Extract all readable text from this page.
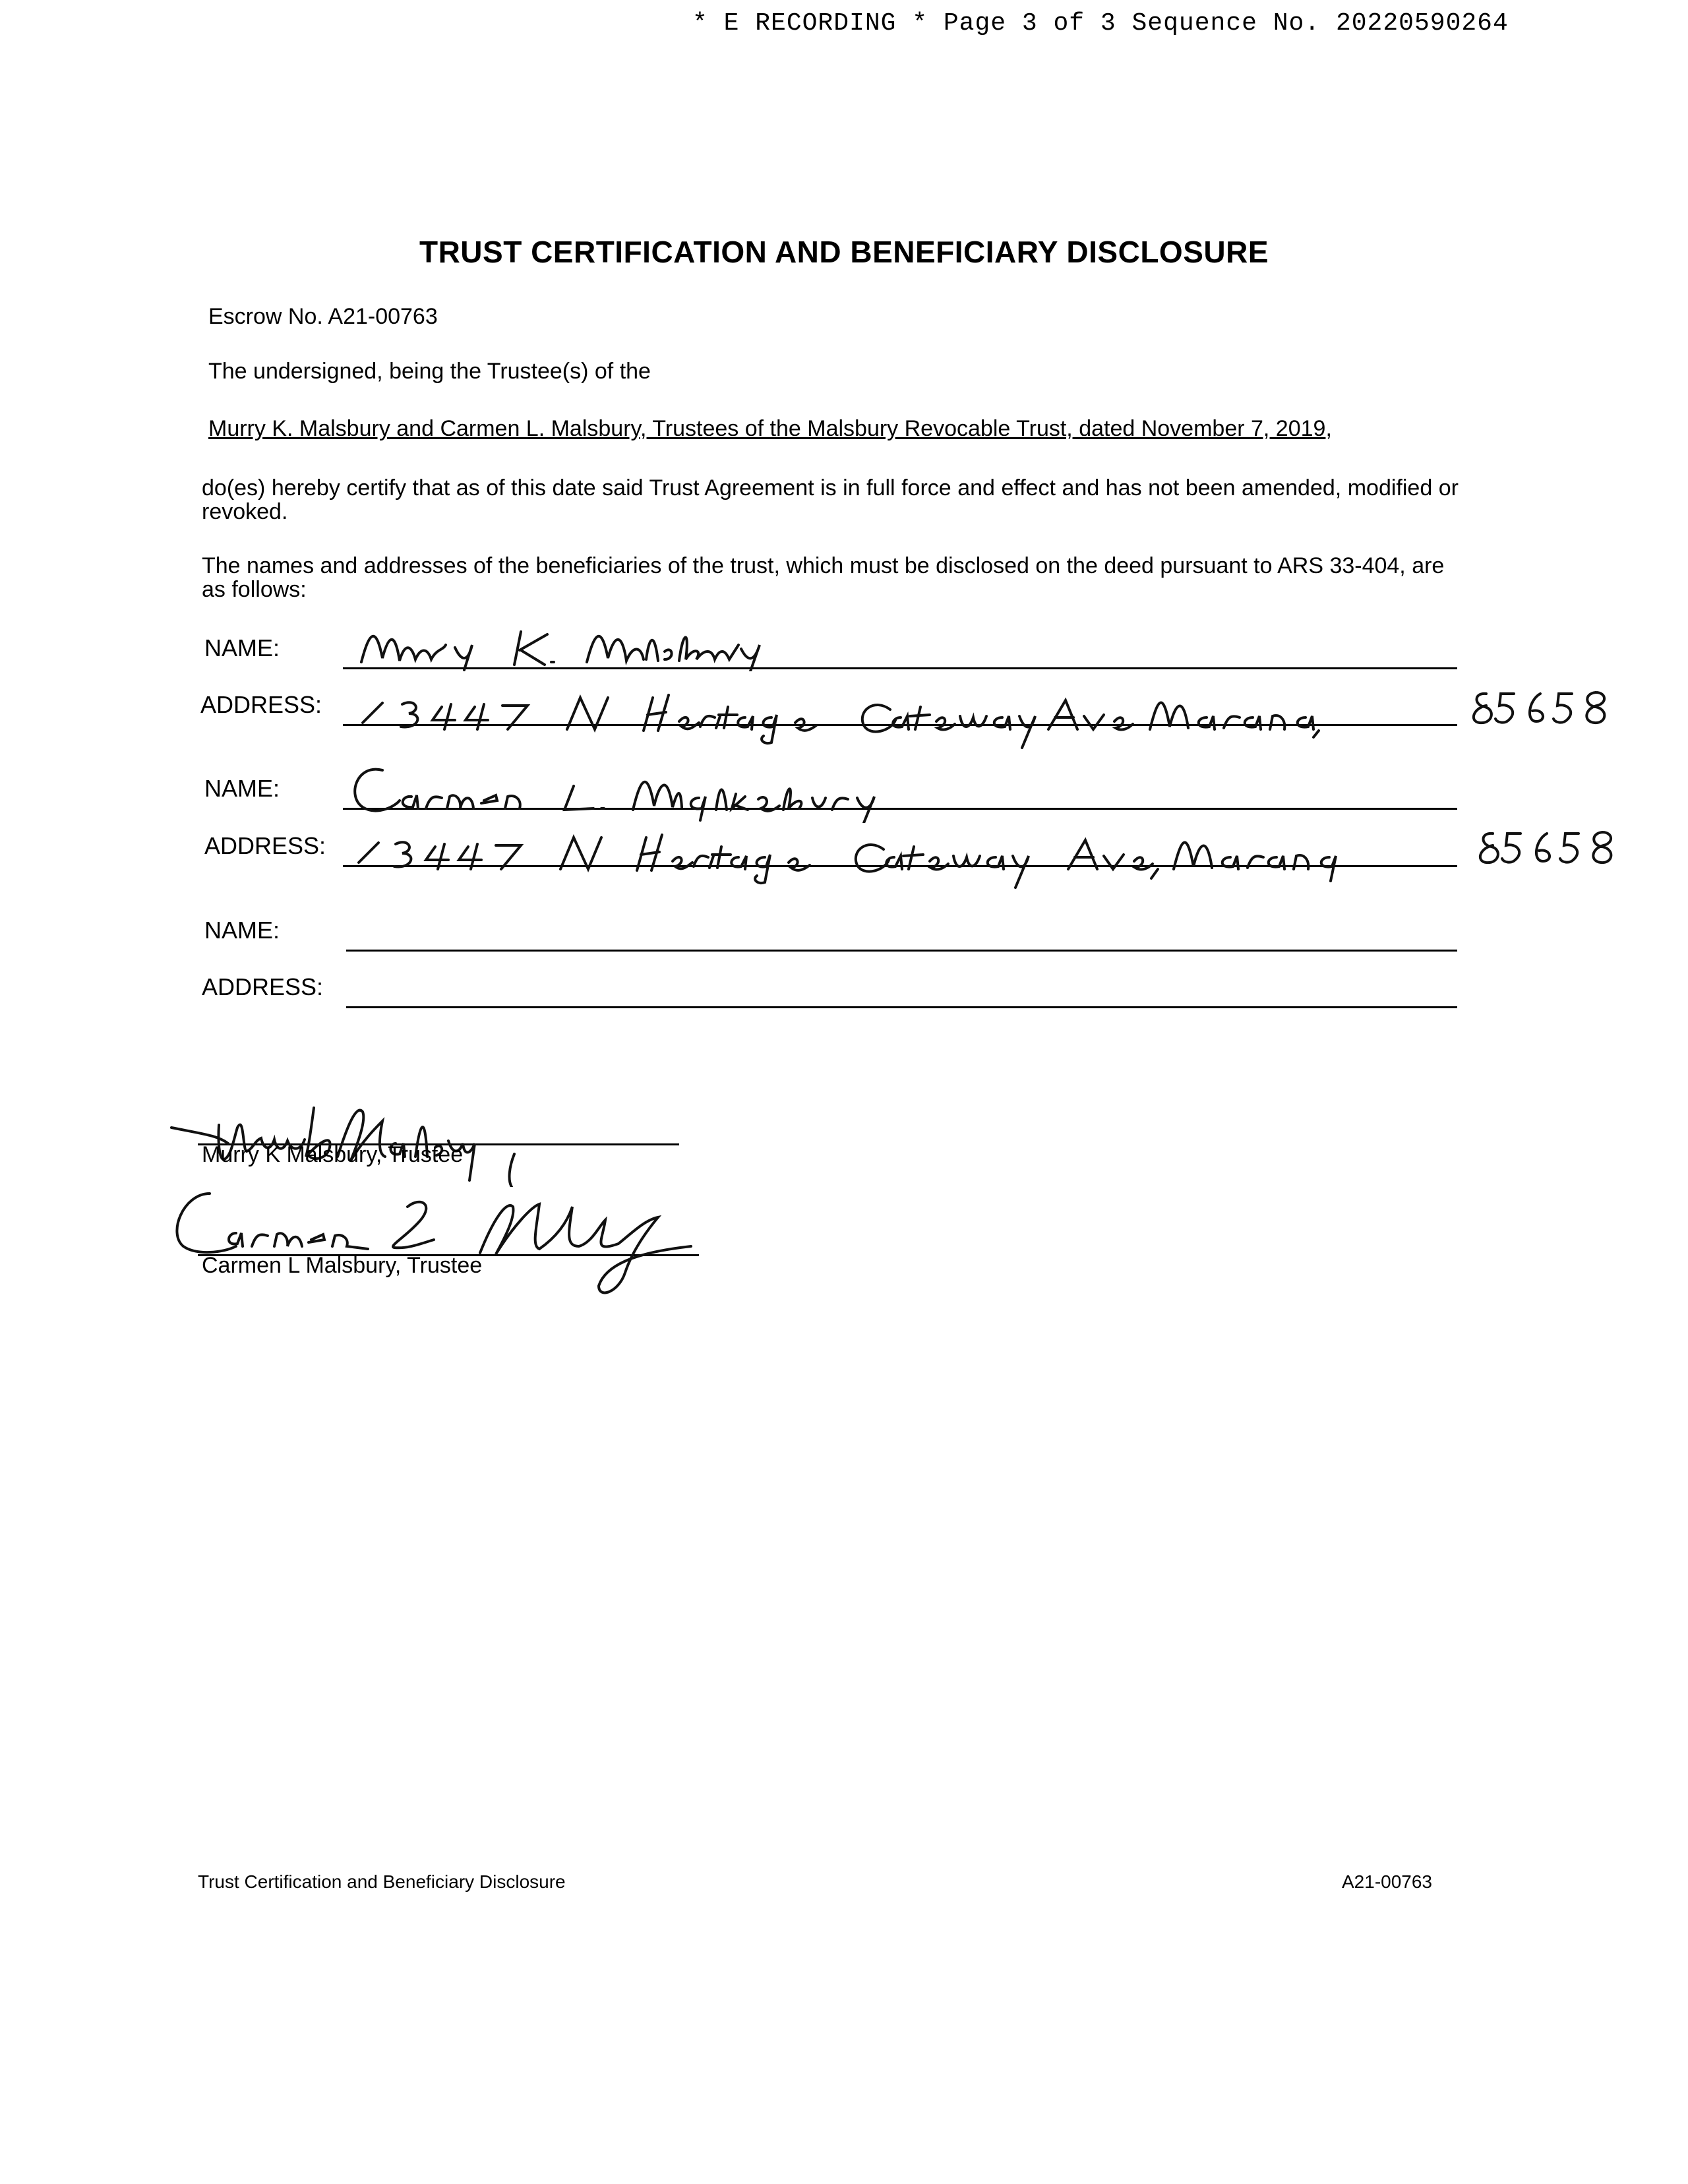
* E RECORDING * Page 3 of 3 Sequence No. 20220590264
TRUST CERTIFICATION AND BENEFICIARY DISCLOSURE
Escrow No. A21-00763
The undersigned, being the Trustee(s) of the
Murry K. Malsbury and Carmen L. Malsbury, Trustees of the Malsbury Revocable Trust, dated November 7, 2019,
do(es) hereby certify that as of this date said Trust Agreement is in full force and effect and has not been amended, modified or revoked.
The names and addresses of the beneficiaries of the trust, which must be disclosed on the deed pursuant to ARS 33-404, are as follows:
NAME:
ADDRESS:
NAME:
ADDRESS:
NAME:
ADDRESS:
Murry K Malsbury, Trustee
Carmen L Malsbury, Trustee
Trust Certification and Beneficiary Disclosure	A21-00763
